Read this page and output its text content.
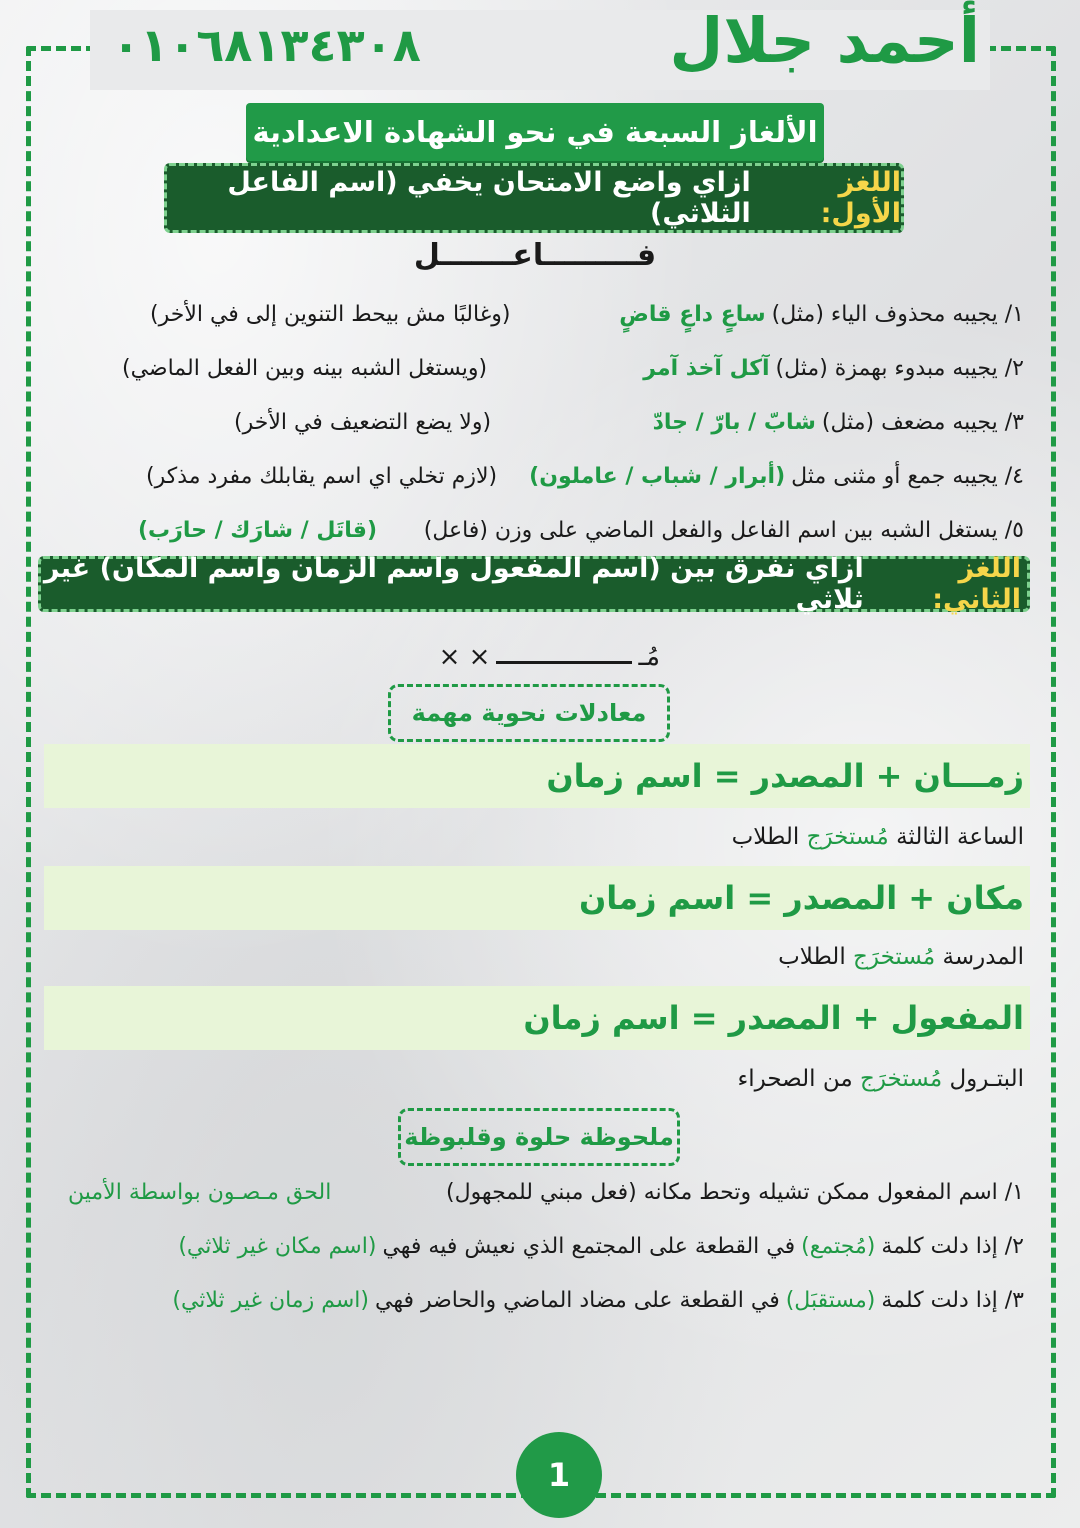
أحمد جلال
٠١٠٦٨١٣٤٣٠٨
الألغاز السبعة في نحو الشهادة الاعدادية
اللغز الأول:
ازاي واضع الامتحان يخفي (اسم الفاعل الثلاثي)
فـــــــــاعـــــــل
١/ يجيبه محذوف الياء (مثل)
ساعٍ داعٍ قاضٍ
(وغالبًا مش بيحط التنوين إلى في الأخر)
٢/ يجيبه مبدوء بهمزة (مثل)
آكل آخذ آمر
(ويستغل الشبه بينه وبين الفعل الماضي)
٣/ يجيبه مضعف (مثل)
شابّ / بارّ / جادّ
(ولا يضع التضعيف في الأخر)
٤/ يجيبه جمع أو مثنى مثل
(أبرار / شباب / عاملون)
(لازم تخلي اي اسم يقابلك مفرد مذكر)
٥/ يستغل الشبه بين اسم الفاعل والفعل الماضي على وزن (فاعل)
(قاتَل / شارَك / حارَب)
اللغز الثاني:
ازاي نفرق بين (اسم المفعول واسم الزمان واسم المكان) غير ثلاثي
مُـ
× ×
معادلات نحوية مهمة
زمـــان + المصدر = اسم زمان
الساعة الثالثة مُستخرَج الطلاب
مكان + المصدر = اسم زمان
المدرسة مُستخرَج الطلاب
المفعول + المصدر = اسم زمان
البتـرول مُستخرَج من الصحراء
ملحوظة حلوة وقلبوظة
١/ اسم المفعول ممكن تشيله وتحط مكانه (فعل مبني للمجهول)
الحق مـصـون بواسطة الأمين
٢/ إذا دلت كلمة
(مُجتمع)
في القطعة على المجتمع الذي نعيش فيه فهي
(اسم مكان غير ثلاثي)
٣/ إذا دلت كلمة
(مستقبَل)
في القطعة على مضاد الماضي والحاضر فهي
(اسم زمان غير ثلاثي)
1
